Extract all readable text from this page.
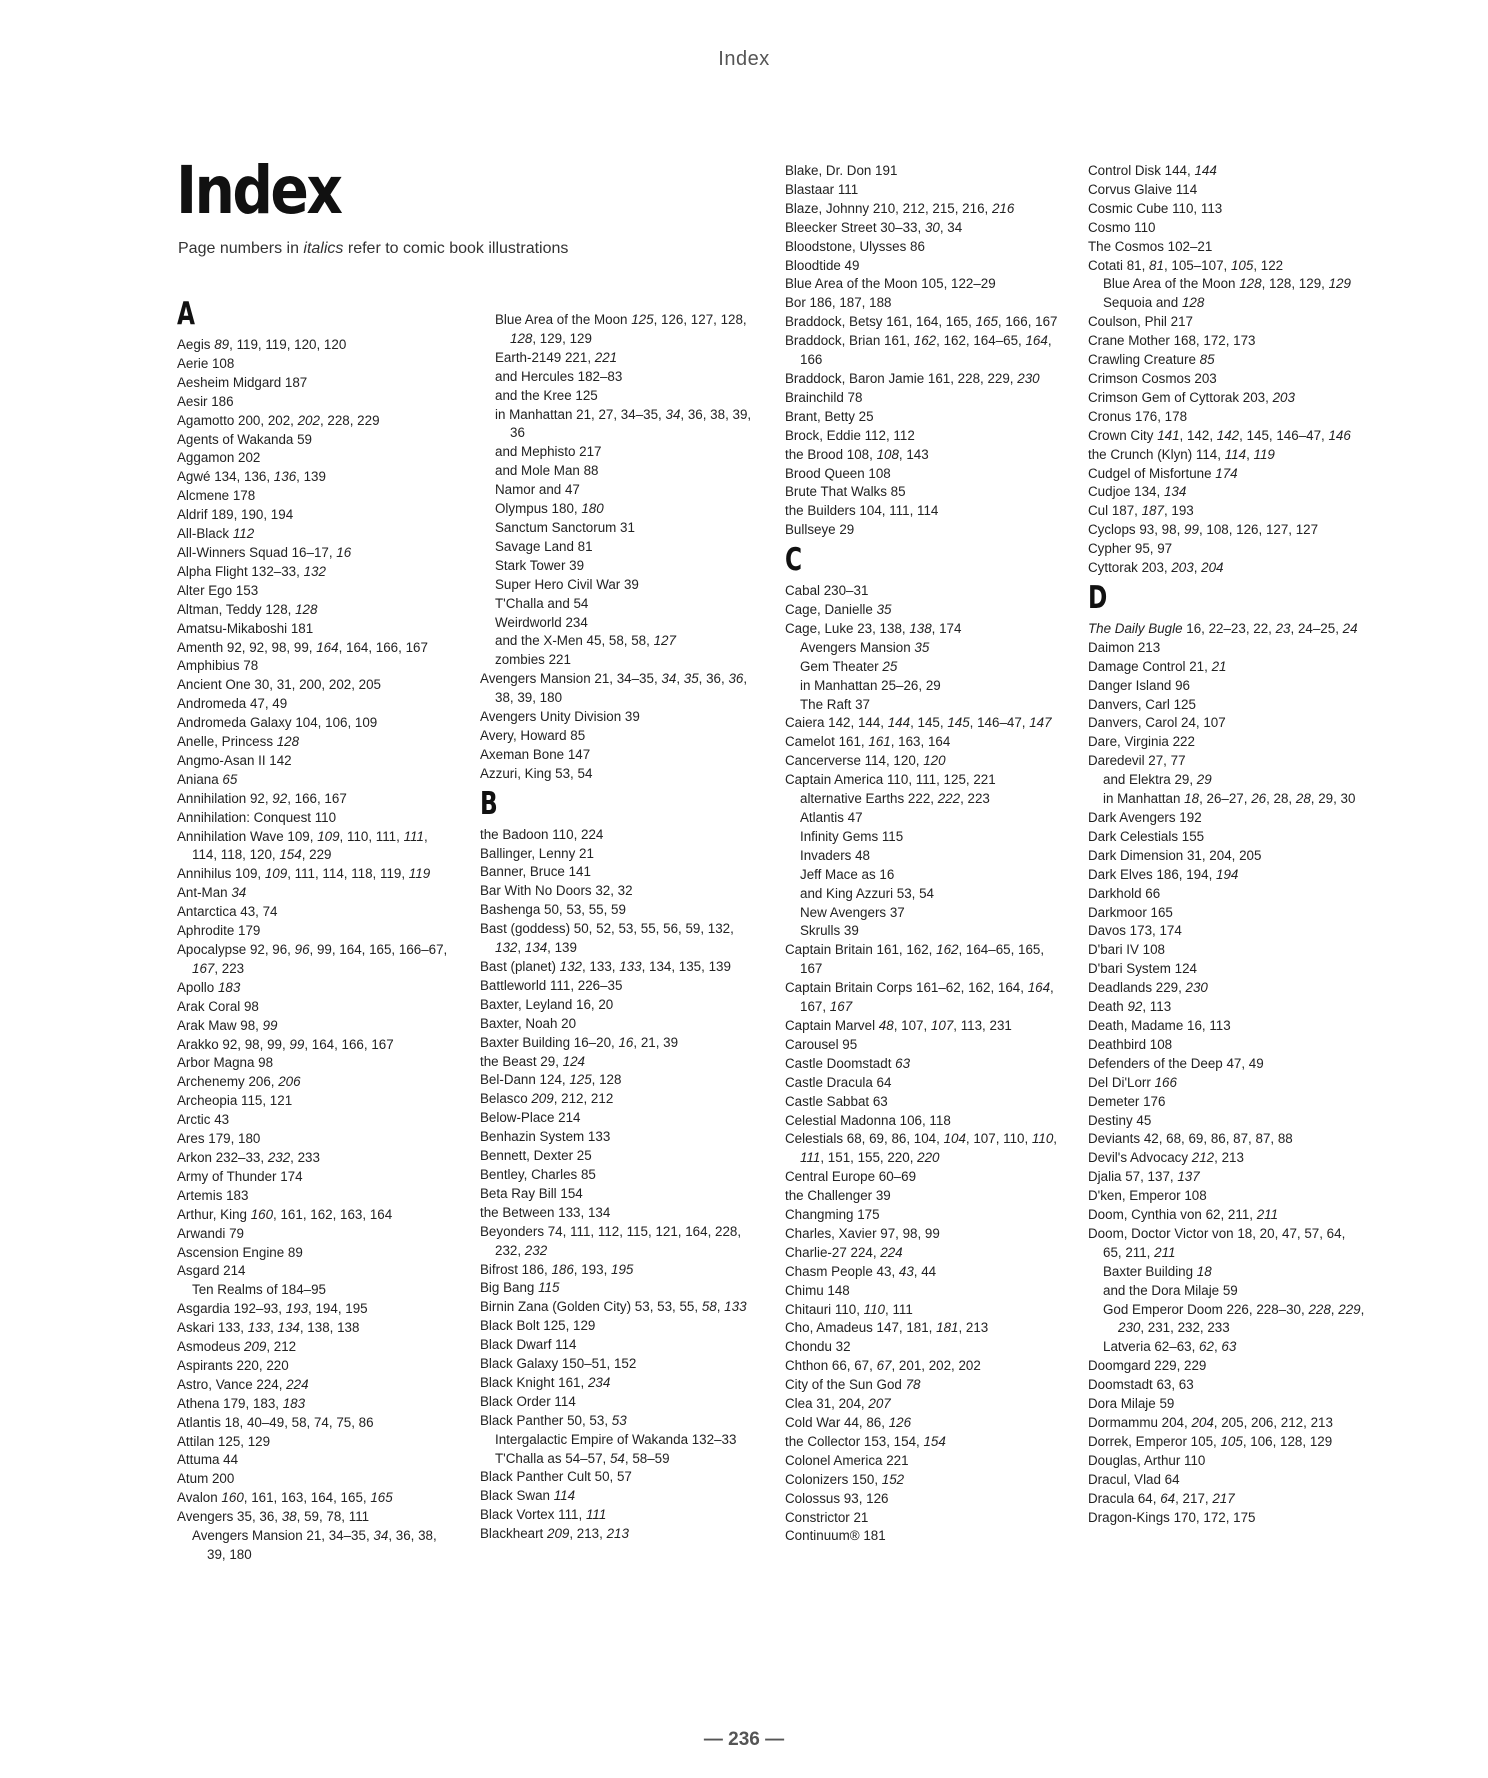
Index
Index
Page numbers in italics refer to comic book illustrations
A

Aegis 89, 119, 119, 120, 120

Aerie 108

Aesheim Midgard 187

Aesir 186

Agamotto 200, 202, 202, 228, 229

Agents of Wakanda 59

Aggamon 202

Agwé 134, 136, 136, 139

Alcmene 178

Aldrif 189, 190, 194

All-Black 112

All-Winners Squad 16–17, 16

Alpha Flight 132–33, 132

Alter Ego 153

Altman, Teddy 128, 128

Amatsu-Mikaboshi 181

Amenth 92, 92, 98, 99, 164, 164, 166, 167

Amphibius 78

Ancient One 30, 31, 200, 202, 205

Andromeda 47, 49

Andromeda Galaxy 104, 106, 109

Anelle, Princess 128

Angmo-Asan II 142

Aniana 65

Annihilation 92, 92, 166, 167

Annihilation: Conquest 110

Annihilation Wave 109, 109, 110, 111, 111, 114, 118, 120, 154, 229

Annihilus 109, 109, 111, 114, 118, 119, 119

Ant-Man 34

Antarctica 43, 74

Aphrodite 179

Apocalypse 92, 96, 96, 99, 164, 165, 166–67, 167, 223

Apollo 183

Arak Coral 98

Arak Maw 98, 99

Arakko 92, 98, 99, 99, 164, 166, 167

Arbor Magna 98

Archenemy 206, 206

Archeopia 115, 121

Arctic 43

Ares 179, 180

Arkon 232–33, 232, 233

Army of Thunder 174

Artemis 183

Arthur, King 160, 161, 162, 163, 164

Arwandi 79

Ascension Engine 89

Asgard 214

Ten Realms of 184–95

Asgardia 192–93, 193, 194, 195

Askari 133, 133, 134, 138, 138

Asmodeus 209, 212

Aspirants 220, 220

Astro, Vance 224, 224

Athena 179, 183, 183

Atlantis 18, 40–49, 58, 74, 75, 86

Attilan 125, 129

Attuma 44

Atum 200

Avalon 160, 161, 163, 164, 165, 165

Avengers 35, 36, 38, 59, 78, 111

Avengers Mansion 21, 34–35, 34, 36, 38, 39, 180

Blue Area of the Moon 125, 126, 127, 128, 128, 129, 129

Earth-2149 221, 221

and Hercules 182–83

and the Kree 125

in Manhattan 21, 27, 34–35, 34, 36, 38, 39, 36

and Mephisto 217

and Mole Man 88

Namor and 47

Olympus 180, 180

Sanctum Sanctorum 31

Savage Land 81

Stark Tower 39

Super Hero Civil War 39

T'Challa and 54

Weirdworld 234

and the X-Men 45, 58, 58, 127

zombies 221

Avengers Mansion 21, 34–35, 34, 35, 36, 36, 38, 39, 180

Avengers Unity Division 39

Avery, Howard 85

Axeman Bone 147

Azzuri, King 53, 54

B

the Badoon 110, 224

Ballinger, Lenny 21

Banner, Bruce 141

Bar With No Doors 32, 32

Bashenga 50, 53, 55, 59

Bast (goddess) 50, 52, 53, 55, 56, 59, 132, 132, 134, 139

Bast (planet) 132, 133, 133, 134, 135, 139

Battleworld 111, 226–35

Baxter, Leyland 16, 20

Baxter, Noah 20

Baxter Building 16–20, 16, 21, 39

the Beast 29, 124

Bel-Dann 124, 125, 128

Belasco 209, 212, 212

Below-Place 214

Benhazin System 133

Bennett, Dexter 25

Bentley, Charles 85

Beta Ray Bill 154

the Between 133, 134

Beyonders 74, 111, 112, 115, 121, 164, 228, 232, 232

Bifrost 186, 186, 193, 195

Big Bang 115

Birnin Zana (Golden City) 53, 53, 55, 58, 133

Black Bolt 125, 129

Black Dwarf 114

Black Galaxy 150–51, 152

Black Knight 161, 234

Black Order 114

Black Panther 50, 53, 53

Intergalactic Empire of Wakanda 132–33

T'Challa as 54–57, 54, 58–59

Black Panther Cult 50, 57

Black Swan 114

Black Vortex 111, 111

Blackheart 209, 213, 213

Blake, Dr. Don 191

Blastaar 111

Blaze, Johnny 210, 212, 215, 216, 216

Bleecker Street 30–33, 30, 34

Bloodstone, Ulysses 86

Bloodtide 49

Blue Area of the Moon 105, 122–29

Bor 186, 187, 188

Braddock, Betsy 161, 164, 165, 165, 166, 167

Braddock, Brian 161, 162, 162, 164–65, 164, 166

Braddock, Baron Jamie 161, 228, 229, 230

Brainchild 78

Brant, Betty 25

Brock, Eddie 112, 112

the Brood 108, 108, 143

Brood Queen 108

Brute That Walks 85

the Builders 104, 111, 114

Bullseye 29

C

Cabal 230–31

Cage, Danielle 35

Cage, Luke 23, 138, 138, 174

Avengers Mansion 35

Gem Theater 25

in Manhattan 25–26, 29

The Raft 37

Caiera 142, 144, 144, 145, 145, 146–47, 147

Camelot 161, 161, 163, 164

Cancerverse 114, 120, 120

Captain America 110, 111, 125, 221

alternative Earths 222, 222, 223

Atlantis 47

Infinity Gems 115

Invaders 48

Jeff Mace as 16

and King Azzuri 53, 54

New Avengers 37

Skrulls 39

Captain Britain 161, 162, 162, 164–65, 165, 167

Captain Britain Corps 161–62, 162, 164, 164, 167, 167

Captain Marvel 48, 107, 107, 113, 231

Carousel 95

Castle Doomstadt 63

Castle Dracula 64

Castle Sabbat 63

Celestial Madonna 106, 118

Celestials 68, 69, 86, 104, 104, 107, 110, 110, 111, 151, 155, 220, 220

Central Europe 60–69

the Challenger 39

Changming 175

Charles, Xavier 97, 98, 99

Charlie-27 224, 224

Chasm People 43, 43, 44

Chimu 148

Chitauri 110, 110, 111

Cho, Amadeus 147, 181, 181, 213

Chondu 32

Chthon 66, 67, 67, 201, 202, 202

City of the Sun God 78

Clea 31, 204, 207

Cold War 44, 86, 126

the Collector 153, 154, 154

Colonel America 221

Colonizers 150, 152

Colossus 93, 126

Constrictor 21

Continuum® 181

Control Disk 144, 144

Corvus Glaive 114

Cosmic Cube 110, 113

Cosmo 110

The Cosmos 102–21

Cotati 81, 81, 105–107, 105, 122

Blue Area of the Moon 128, 128, 129, 129

Sequoia and 128

Coulson, Phil 217

Crane Mother 168, 172, 173

Crawling Creature 85

Crimson Cosmos 203

Crimson Gem of Cyttorak 203, 203

Cronus 176, 178

Crown City 141, 142, 142, 145, 146–47, 146

the Crunch (Klyn) 114, 114, 119

Cudgel of Misfortune 174

Cudjoe 134, 134

Cul 187, 187, 193

Cyclops 93, 98, 99, 108, 126, 127, 127

Cypher 95, 97

Cyttorak 203, 203, 204

D

The Daily Bugle 16, 22–23, 22, 23, 24–25, 24

Daimon 213

Damage Control 21, 21

Danger Island 96

Danvers, Carl 125

Danvers, Carol 24, 107

Dare, Virginia 222

Daredevil 27, 77

and Elektra 29, 29

in Manhattan 18, 26–27, 26, 28, 28, 29, 30

Dark Avengers 192

Dark Celestials 155

Dark Dimension 31, 204, 205

Dark Elves 186, 194, 194

Darkhold 66

Darkmoor 165

Davos 173, 174

D'bari IV 108

D'bari System 124

Deadlands 229, 230

Death 92, 113

Death, Madame 16, 113

Deathbird 108

Defenders of the Deep 47, 49

Del Di'Lorr 166

Demeter 176

Destiny 45

Deviants 42, 68, 69, 86, 87, 87, 88

Devil's Advocacy 212, 213

Djalia 57, 137, 137

D'ken, Emperor 108

Doom, Cynthia von 62, 211, 211

Doom, Doctor Victor von 18, 20, 47, 57, 64, 65, 211, 211

Baxter Building 18

and the Dora Milaje 59

God Emperor Doom 226, 228–30, 228, 229, 230, 231, 232, 233

Latveria 62–63, 62, 63

Doomgard 229, 229

Doomstadt 63, 63

Dora Milaje 59

Dormammu 204, 204, 205, 206, 212, 213

Dorrek, Emperor 105, 105, 106, 128, 129

Douglas, Arthur 110

Dracul, Vlad 64

Dracula 64, 64, 217, 217

Dragon-Kings 170, 172, 175

— 236 —
